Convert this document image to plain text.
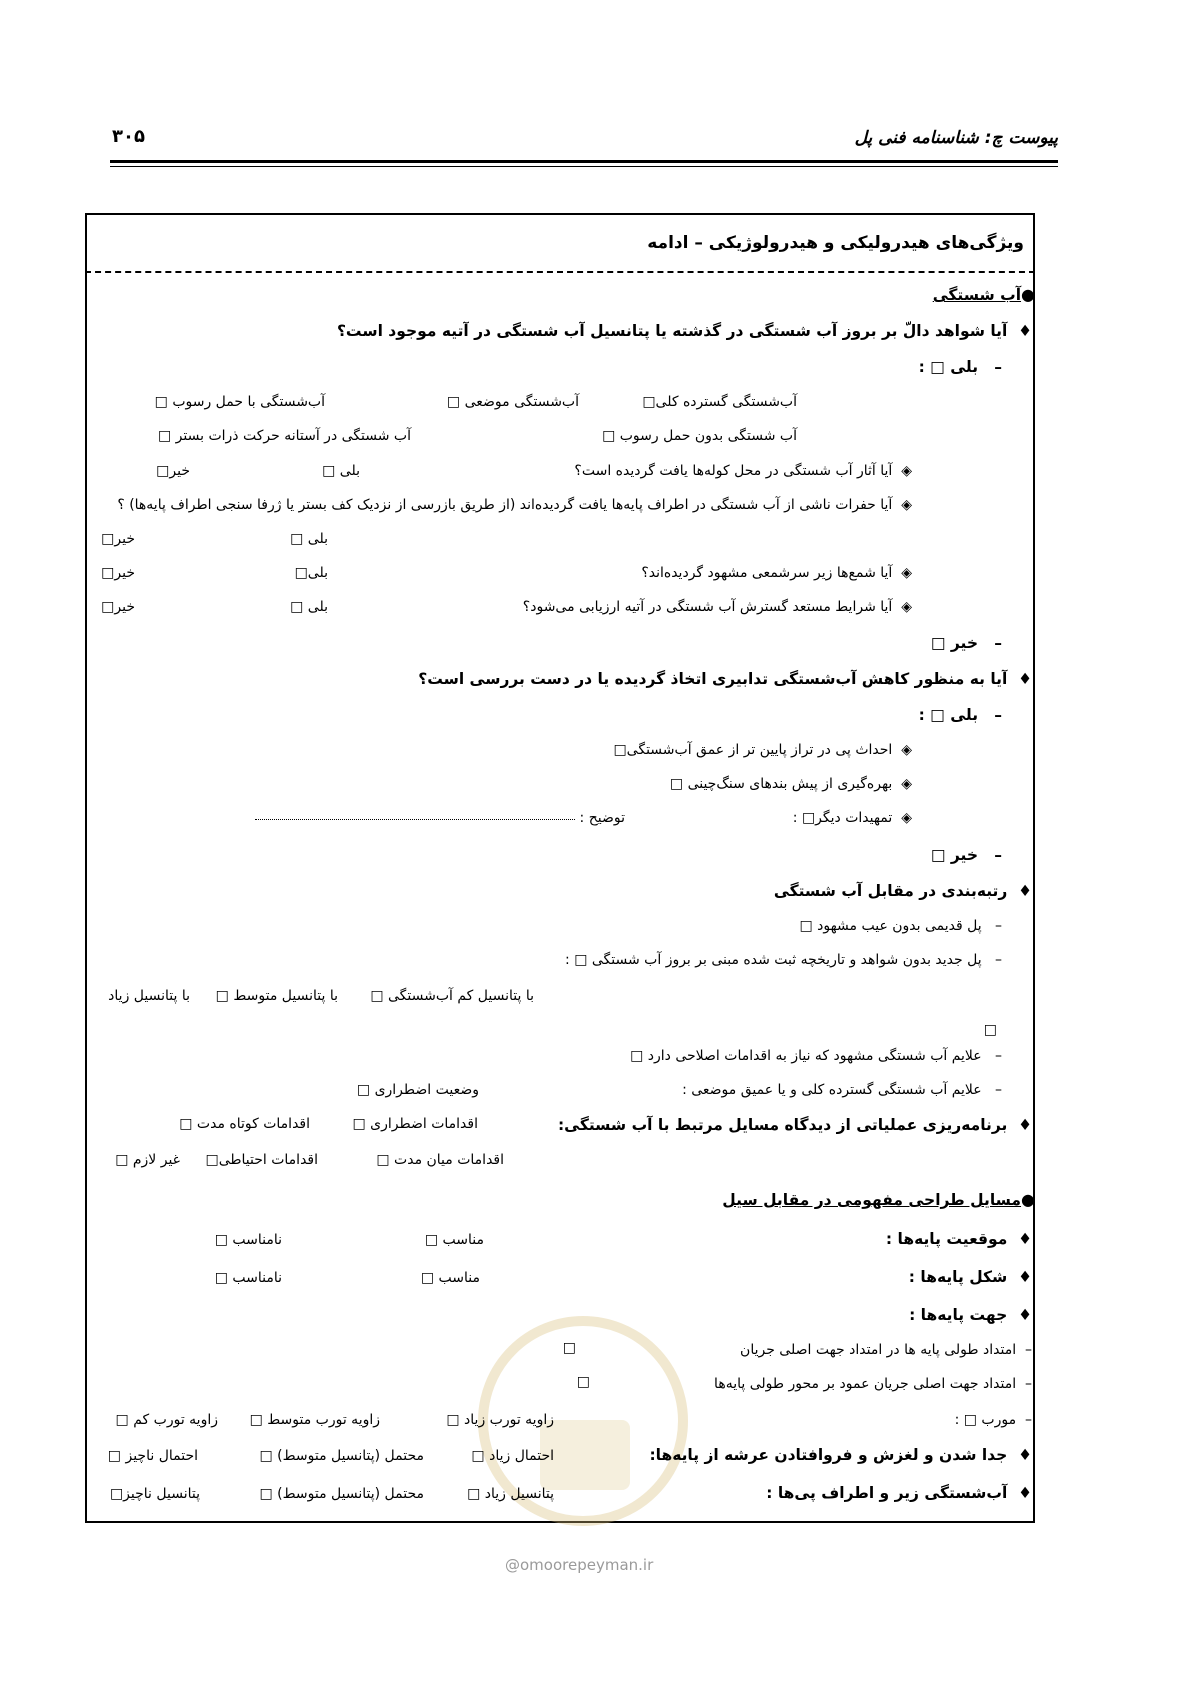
پیوست چ: شناسنامه فنی پل
۳۰۵
ویژگی‌های هیدرولیکی و هیدرولوژیکی – ادامه
●آب شستگی
♦  آیا شواهد دالّ بر بروز آب شستگی در گذشته یا پتانسیل آب شستگی در آتیه موجود است؟
–   بلی □ :
آب‌شستگی گسترده کلی□
آب‌شستگی موضعی □
آب‌شستگی با حمل رسوب □
آب شستگی بدون حمل رسوب □
آب شستگی در آستانه حرکت ذرات بستر □
◈  آیا آثار آب شستگی در محل کوله‌ها یافت گردیده است؟
بلی □
خیر□
◈  آیا حفرات ناشی از آب شستگی در اطراف پایه‌ها یافت گردیده‌اند (از طریق بازرسی از نزدیک کف بستر یا ژرفا سنجی اطراف پایه‌ها) ؟
بلی □
خیر□
◈  آیا شمع‌ها زیر سرشمعی مشهود گردیده‌اند؟
بلی□
خیر□
◈  آیا شرایط مستعد گسترش آب شستگی در آتیه ارزیابی می‌شود؟
بلی □
خیر□
–   خیر □
♦  آیا به منظور کاهش آب‌شستگی تدابیری اتخاذ گردیده یا در دست بررسی است؟
–   بلی □ :
◈  احداث پی در تراز پایین تر از عمق آب‌شستگی□
◈  بهره‌گیری از پیش بندهای سنگ‌چینی □
◈  تمهیدات دیگر□ :
توضیح :
–   خیر □
♦  رتبه‌بندی در مقابل آب شستگی
–   پل قدیمی بدون عیب مشهود □
–   پل جدید بدون شواهد و تاریخچه ثبت شده مبنی بر بروز آب شستگی □ :
با پتانسیل کم آب‌شستگی □
با پتانسیل متوسط □
با پتانسیل زیاد
□
–   علایم آب شستگی مشهود که نیاز به اقدامات اصلاحی دارد □
–   علایم آب شستگی گسترده کلی و یا عمیق موضعی :
وضعیت اضطراری □
♦  برنامه‌ریزی عملیاتی از دیدگاه مسایل مرتبط با آب شستگی:
اقدامات اضطراری □
اقدامات کوتاه مدت □
اقدامات میان مدت □
اقدامات احتیاطی□
غیر لازم □
●مسایل طراحی مفهومی در مقابل سیل
♦  موقعیت پایه‌ها :
مناسب □
نامناسب □
♦  شکل پایه‌ها :
مناسب □
نامناسب □
♦  جهت پایه‌ها :
–  امتداد طولی پایه ها در امتداد جهت اصلی جریان
□
–  امتداد جهت اصلی جریان عمود بر محور طولی پایه‌ها
□
–  مورب □ :
زاویه تورب زیاد □
زاویه تورب متوسط □
زاویه تورب کم □
♦  جدا شدن و لغزش و فروافتادن عرشه از پایه‌ها:
احتمال زیاد □
محتمل (پتانسیل متوسط) □
احتمال ناچیز □
♦  آب‌شستگی زیر و اطراف پی‌ها :
پتانسیل زیاد □
محتمل (پتانسیل متوسط) □
پتانسیل ناچیز□
@omoorepeyman.ir
